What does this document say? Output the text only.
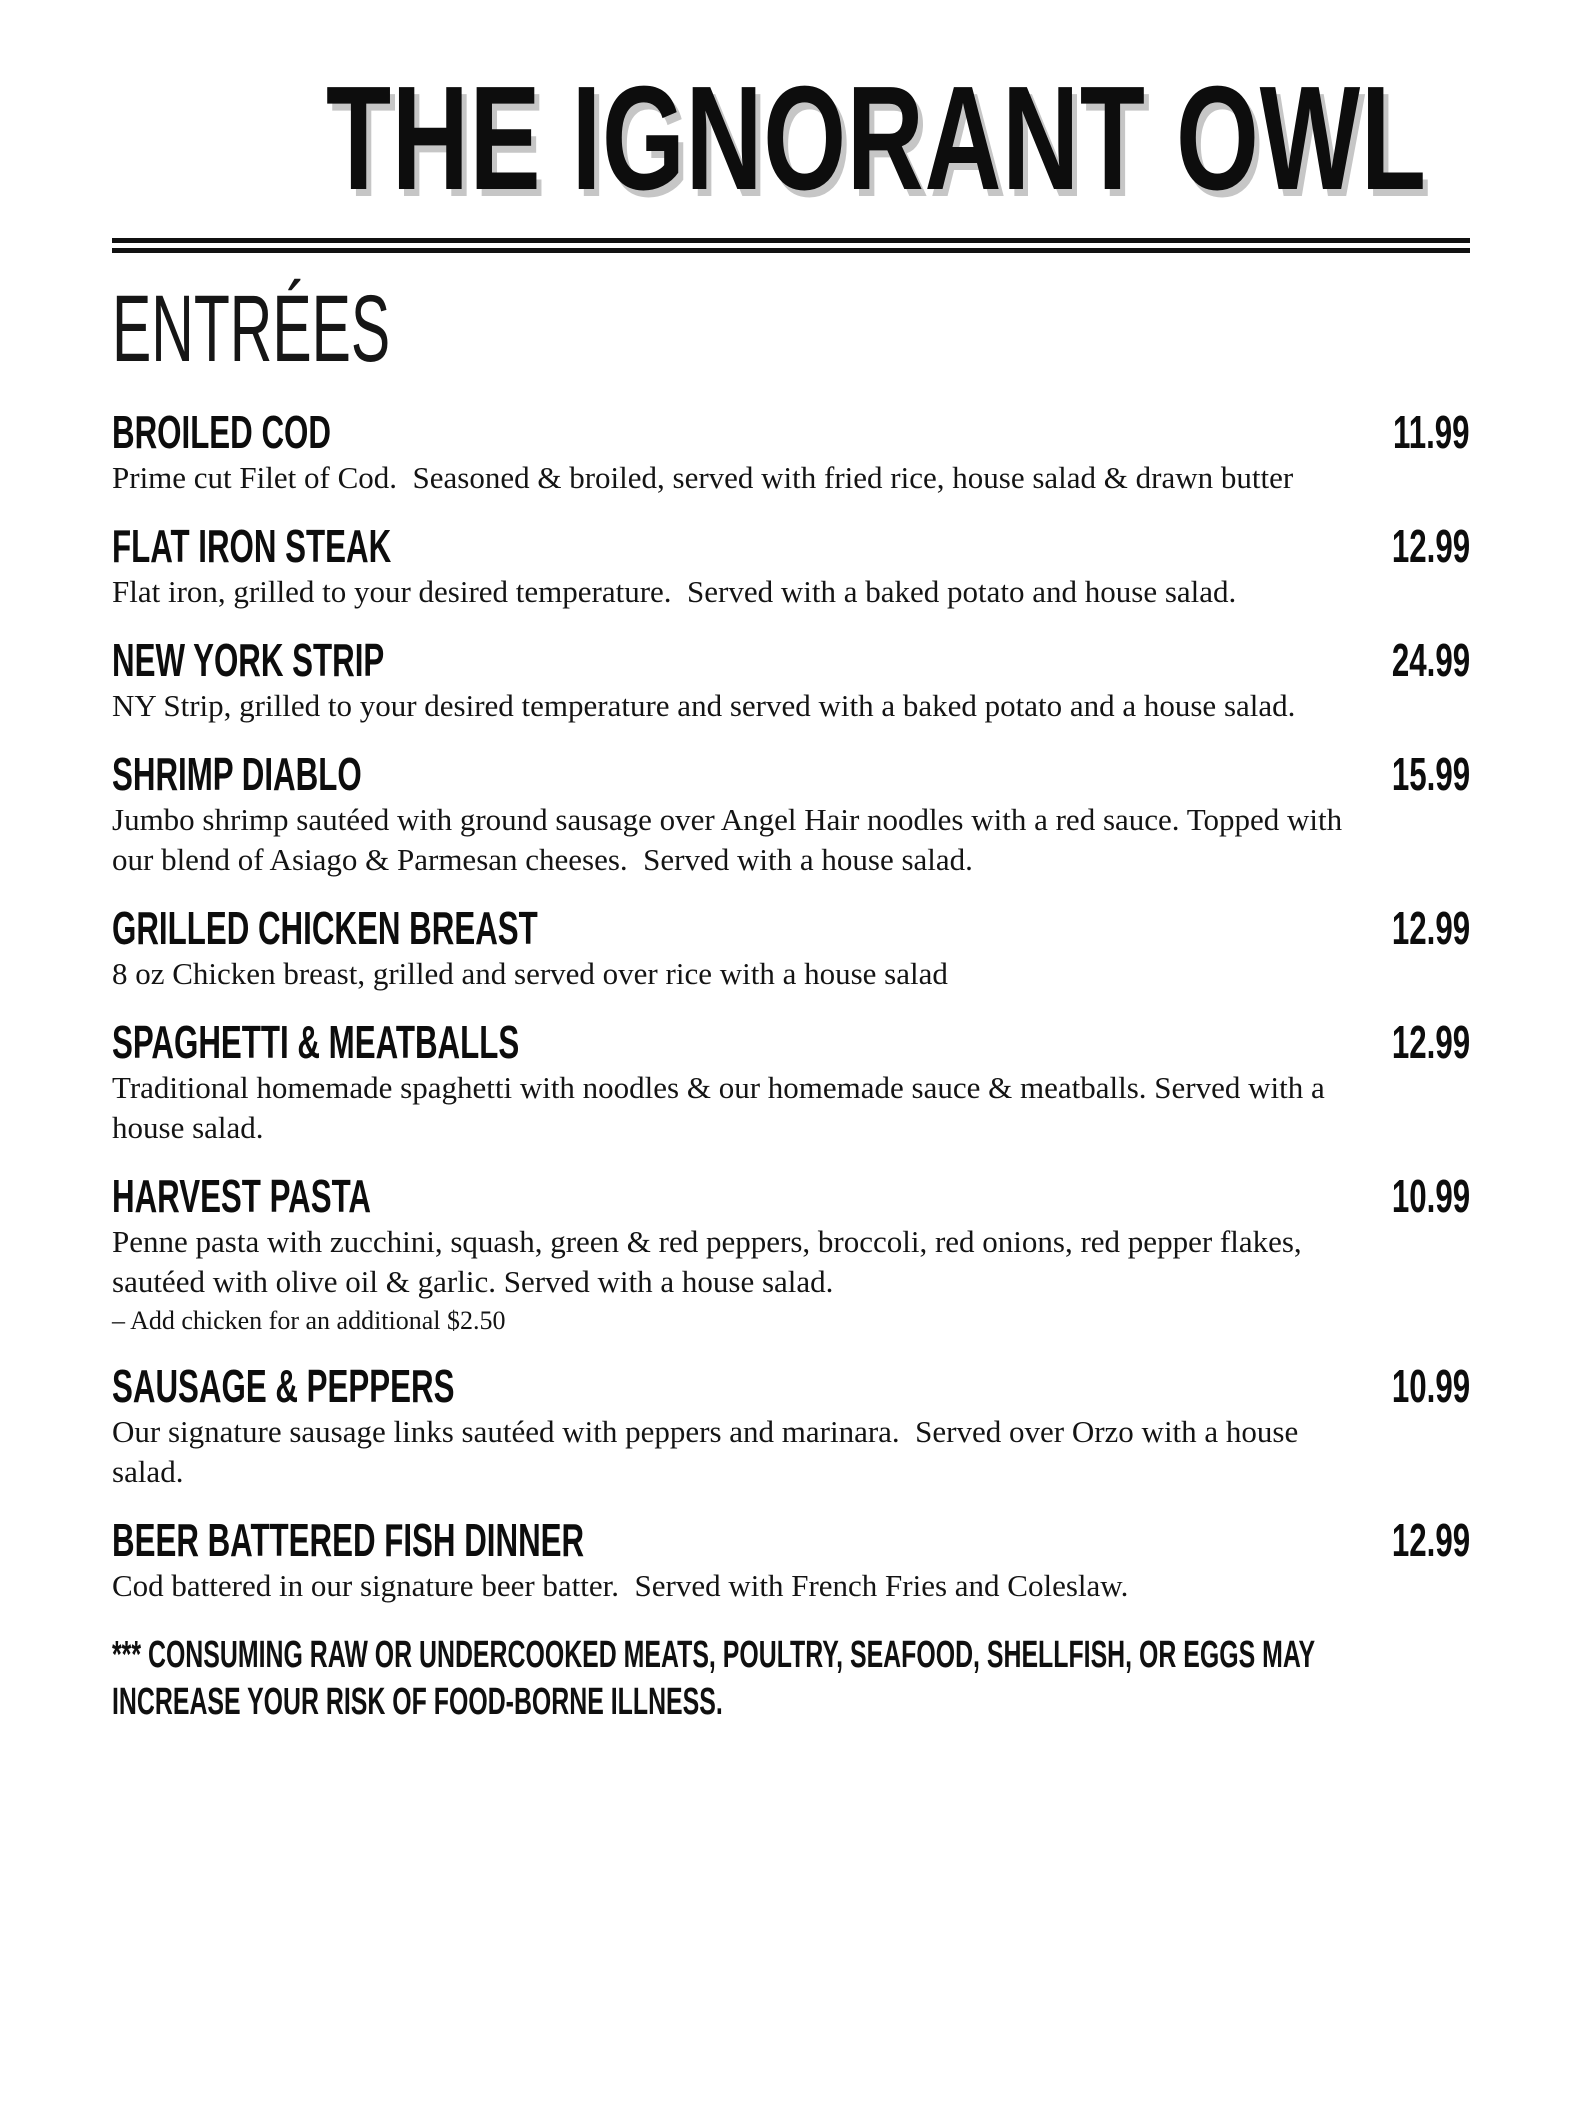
THE IGNORANT OWL
ENTRÉES
BROILED COD	11.99

Prime cut Filet of Cod.  Seasoned & broiled, served with fried rice, house salad & drawn butter

FLAT IRON STEAK	12.99

Flat iron, grilled to your desired temperature.  Served with a baked potato and house salad.

NEW YORK STRIP	24.99

NY Strip, grilled to your desired temperature and served with a baked potato and a house salad.

SHRIMP DIABLO	15.99

Jumbo shrimp sautéed with ground sausage over Angel Hair noodles with a red sauce. Topped with our blend of Asiago & Parmesan cheeses.  Served with a house salad.

GRILLED CHICKEN BREAST	12.99

8 oz Chicken breast, grilled and served over rice with a house salad

SPAGHETTI & MEATBALLS	12.99

Traditional homemade spaghetti with noodles & our homemade sauce & meatballs. Served with a house salad.

HARVEST PASTA	10.99

Penne pasta with zucchini, squash, green & red peppers, broccoli, red onions, red pepper flakes, sautéed with olive oil & garlic. Served with a house salad.

– Add chicken for an additional $2.50

SAUSAGE & PEPPERS	10.99

Our signature sausage links sautéed with peppers and marinara.  Served over Orzo with a house salad.

BEER BATTERED FISH DINNER	12.99

Cod battered in our signature beer batter.  Served with French Fries and Coleslaw.

*** CONSUMING RAW OR UNDERCOOKED MEATS, POULTRY, SEAFOOD, SHELLFISH, OR EGGS MAY INCREASE YOUR RISK OF FOOD-BORNE ILLNESS.
